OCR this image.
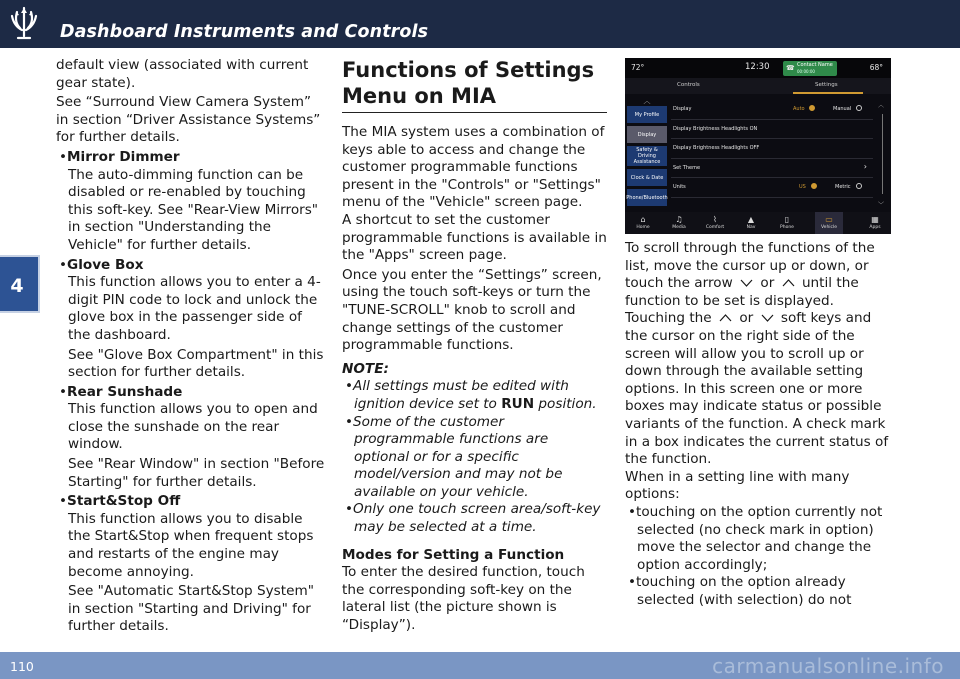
Dashboard Instruments and Controls
4

default view (associated with current gear state).

See “Surround View Camera System” in section “Driver Assistance Systems” for further details.

•Mirror Dimmer

The auto-dimming function can be disabled or re-enabled by touching this soft-key. See "Rear-View Mirrors" in section "Understanding the Vehicle" for further details.

•Glove Box

This function allows you to enter a 4-digit PIN code to lock and unlock the glove box in the passenger side of the dashboard.

See "Glove Box Compartment" in this section for further details.

•Rear Sunshade

This function allows you to open and close the sunshade on the rear window.

See "Rear Window" in section "Before Starting" for further details.

•Start&Stop Off

This function allows you to disable the Start&Stop when frequent stops and restarts of the engine may become annoying.

See "Automatic Start&Stop System" in section "Starting and Driving" for further details.

Functions of Settings Menu on MIA

The MIA system uses a combination of keys able to access and change the customer programmable functions present in the "Controls" or "Settings" menu of the "Vehicle" screen page.

A shortcut to set the customer programmable functions is available in the "Apps" screen page.

Once you enter the “Settings” screen, using the touch soft-keys or turn the "TUNE-SCROLL" knob to scroll and change settings of the customer programmable functions.

NOTE:

•All settings must be edited with ignition device set to RUN position.

•Some of the customer programmable functions are optional or for a specific model/version and may not be available on your vehicle.

•Only one touch screen area/soft-key may be selected at a time.

Modes for Setting a Function

To enter the desired function, touch the corresponding soft-key on the lateral list (the picture shown is “Display”).

72°	12:30 ☎ Contact Name
00:00:00	68°
Controls	Settings
︿
My Profile
Display
Safety & Driving Assistance
Clock & Date
Phone/Bluetooth
Display	Auto	Manual
Display Brightness Headlights ON
Display Brightness Headlights OFF
Set Theme	›
Units	US	Metric
︿
﹀
⌂
Home
♫
Media
⌇
Comfort
▲
Nav
▯
Phone
▭
Vehicle
▦
Apps

To scroll through the functions of the list, move the cursor up or down, or touch the arrow or until the function to be set is displayed.

Touching the or soft keys and the cursor on the right side of the screen will allow you to scroll up or down through the available setting options. In this screen one or more boxes may indicate status or possible variants of the function. A check mark in a box indicates the current status of the function.

When in a setting line with many options:

•touching on the option currently not selected (no check mark in option) move the selector and change the option accordingly;

•touching on the option already selected (with selection) do not

110	carmanualsonline.info
